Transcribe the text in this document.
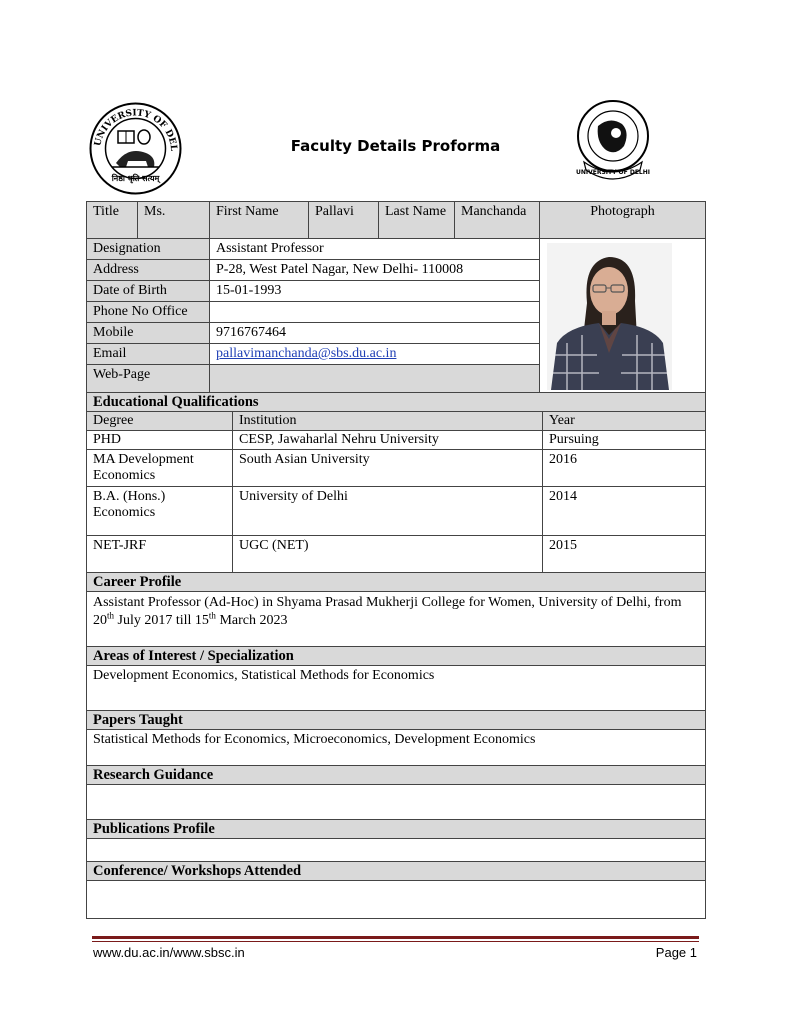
UNIVERSITY OF DEL
निष्ठा धृति सत्यम्
Faculty Details Proforma
UNIVERSITY OF DELHI
Title	Ms.	First Name	Pallavi	Last Name	Manchanda	Photograph
Designation		Assistant Professor	

Address		P-28, West Patel Nagar, New Delhi- 110008				
Date of Birth		15-01-1993				
Phone No Office						
Mobile		9716767464				
Email		pallavimanchanda@sbs.du.ac.in				
Web-Page						
Educational Qualifications		
Degree	Institution	Year
PHD	CESP, Jawaharlal Nehru University	Pursuing
MA Development Economics	South Asian University	2016
B.A. (Hons.) Economics	University of Delhi	2014
NET-JRF	UGC (NET)	2015
Career Profile		
Assistant Professor (Ad-Hoc) in Shyama Prasad Mukherji College for Women, University of Delhi, from 20th July 2017 till 15th March 2023		
Areas of Interest / Specialization		
Development Economics, Statistical Methods for Economics		
Papers Taught		
Statistical Methods for Economics, Microeconomics, Development Economics		
Research Guidance		

Publications Profile		

Conference/ Workshops Attended		

www.du.ac.in/www.sbsc.in	Page 1
